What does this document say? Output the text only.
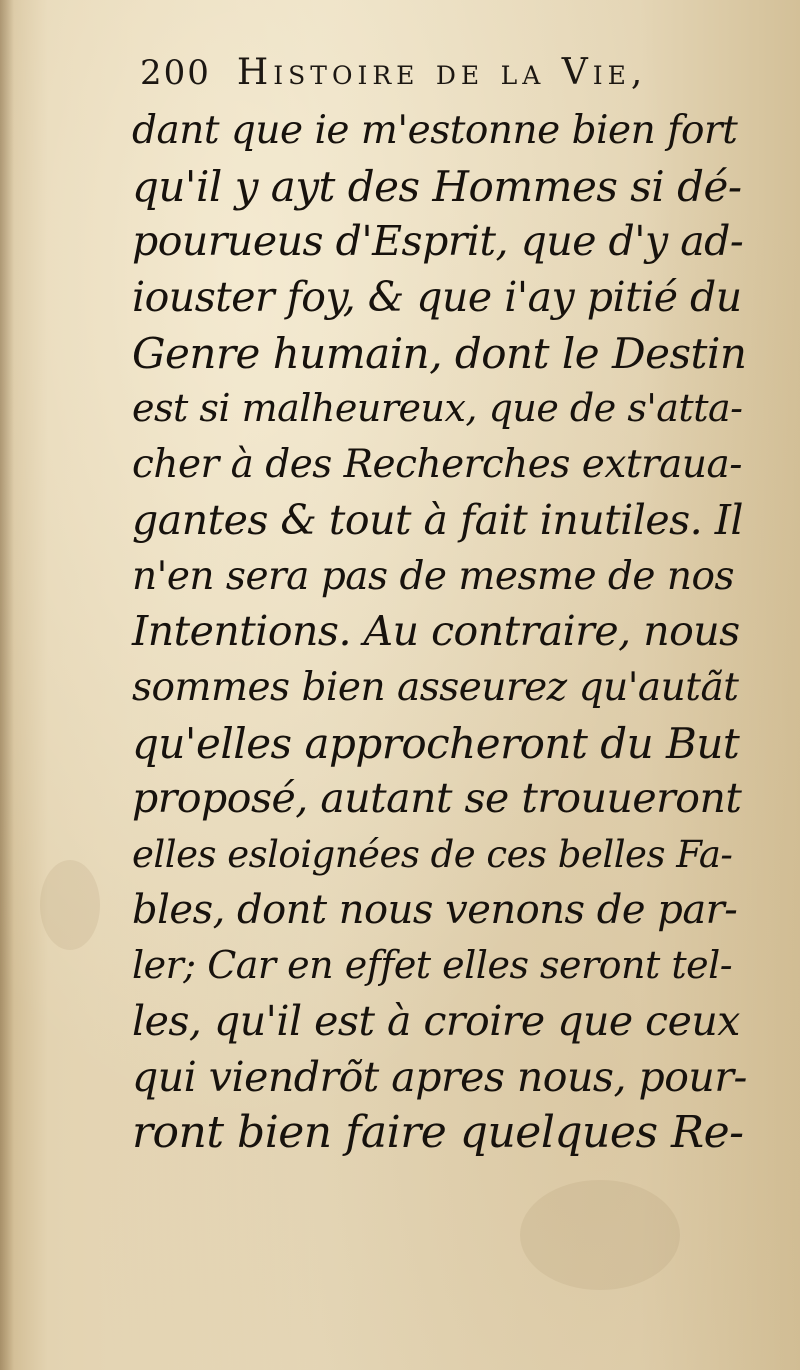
200 Histoire de la Vie,
dant que ie m'estonne bien fort
qu'il y ayt des Hommes si dé-
pourueus d'Esprit, que d'y ad-
iouster foy, & que i'ay pitié du
Genre humain, dont le Destin
est si malheureux, que de s'atta-
cher à des Recherches extraua-
gantes & tout à fait inutiles. Il
n'en sera pas de mesme de nos
Intentions. Au contraire, nous
sommes bien asseurez qu'autãt
qu'elles approcheront du But
proposé, autant se trouueront
elles esloignées de ces belles Fa-
bles, dont nous venons de par-
ler; Car en effet elles seront tel-
les, qu'il est à croire que ceux
qui viendrõt apres nous, pour-
ront bien faire quelques Re-
